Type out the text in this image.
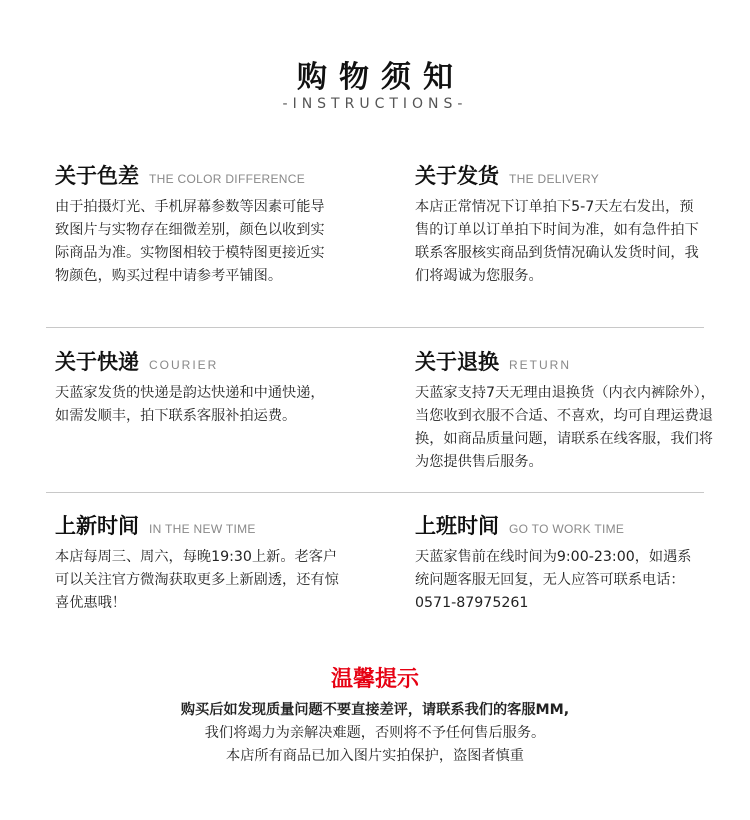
购物须知
-INSTRUCTIONS-
关于色差 THE COLOR DIFFERENCE
由于拍摄灯光、手机屏幕参数等因素可能导致图片与实物存在细微差别，颜色以收到实际商品为准。实物图相较于模特图更接近实物颜色，购买过程中请参考平铺图。
关于发货 THE DELIVERY
本店正常情况下订单拍下5-7天左右发出，预售的订单以订单拍下时间为准，如有急件拍下联系客服核实商品到货情况确认发货时间，我们将竭诚为您服务。
关于快递 COURIER
天蓝家发货的快递是韵达快递和中通快递，如需发顺丰，拍下联系客服补拍运费。
关于退换 RETURN
天蓝家支持7天无理由退换货（内衣内裤除外），当您收到衣服不合适、不喜欢，均可自理运费退换，如商品质量问题，请联系在线客服，我们将为您提供售后服务。
上新时间 IN THE NEW TIME
本店每周三、周六，每晚19:30上新。老客户可以关注官方微淘获取更多上新剧透，还有惊喜优惠哦！
上班时间 GO TO WORK TIME
天蓝家售前在线时间为9:00-23:00，如遇系统问题客服无回复，无人应答可联系电话：0571-87975261
温馨提示
购买后如发现质量问题不要直接差评，请联系我们的客服MM,
我们将竭力为亲解决难题，否则将不予任何售后服务。
本店所有商品已加入图片实拍保护，盗图者慎重
